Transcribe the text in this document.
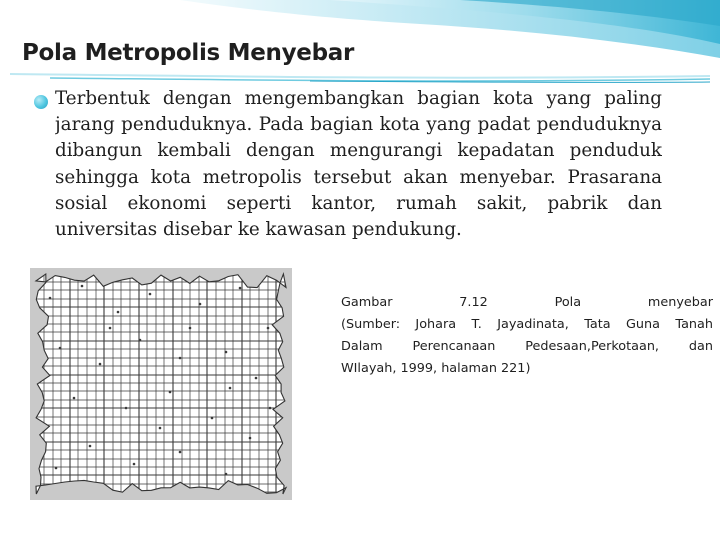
Pola Metropolis Menyebar

Terbentuk dengan mengembangkan bagian kota yang paling jarang penduduknya. Pada bagian kota yang padat penduduknya dibangun kembali dengan mengurangi kepadatan penduduk sehingga kota metropolis tersebut akan menyebar. Prasarana sosial ekonomi seperti kantor, rumah sakit, pabrik dan universitas disebar ke kawasan pendukung.

Gambar 7.12 Pola menyebar
(Sumber: Johara T. Jayadinata, Tata Guna Tanah
Dalam Perencanaan Pedesaan,Perkotaan, dan
WIlayah, 1999, halaman 221)
